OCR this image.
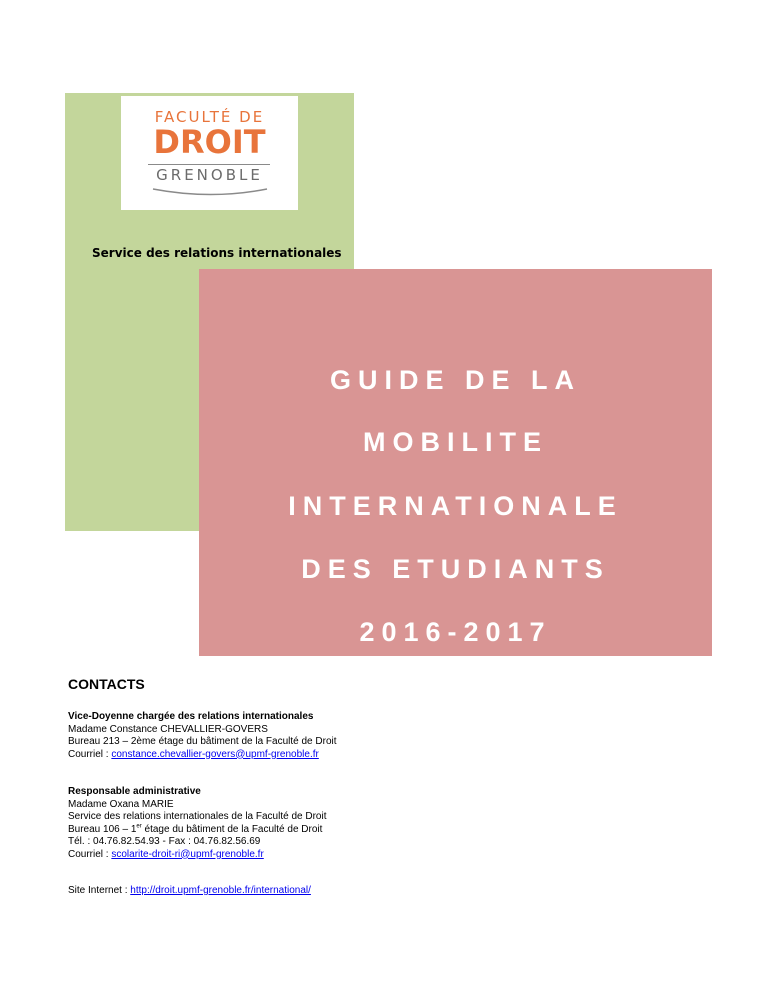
FACULTÉ DE
DROIT
GRENOBLE
Service des relations internationales
GUIDE DE LA
MOBILITE
INTERNATIONALE
DES ETUDIANTS
2016-2017
CONTACTS
Vice-Doyenne chargée des relations internationales
Madame Constance CHEVALLIER-GOVERS
Bureau 213 – 2ème étage du bâtiment de la Faculté de Droit
Courriel : constance.chevallier-govers@upmf-grenoble.fr
Responsable administrative
Madame Oxana MARIE
Service des relations internationales de la Faculté de Droit
Bureau 106 – 1er étage du bâtiment de la Faculté de Droit
Tél. : 04.76.82.54.93 - Fax : 04.76.82.56.69
Courriel : scolarite-droit-ri@upmf-grenoble.fr
Site Internet : http://droit.upmf-grenoble.fr/international/
